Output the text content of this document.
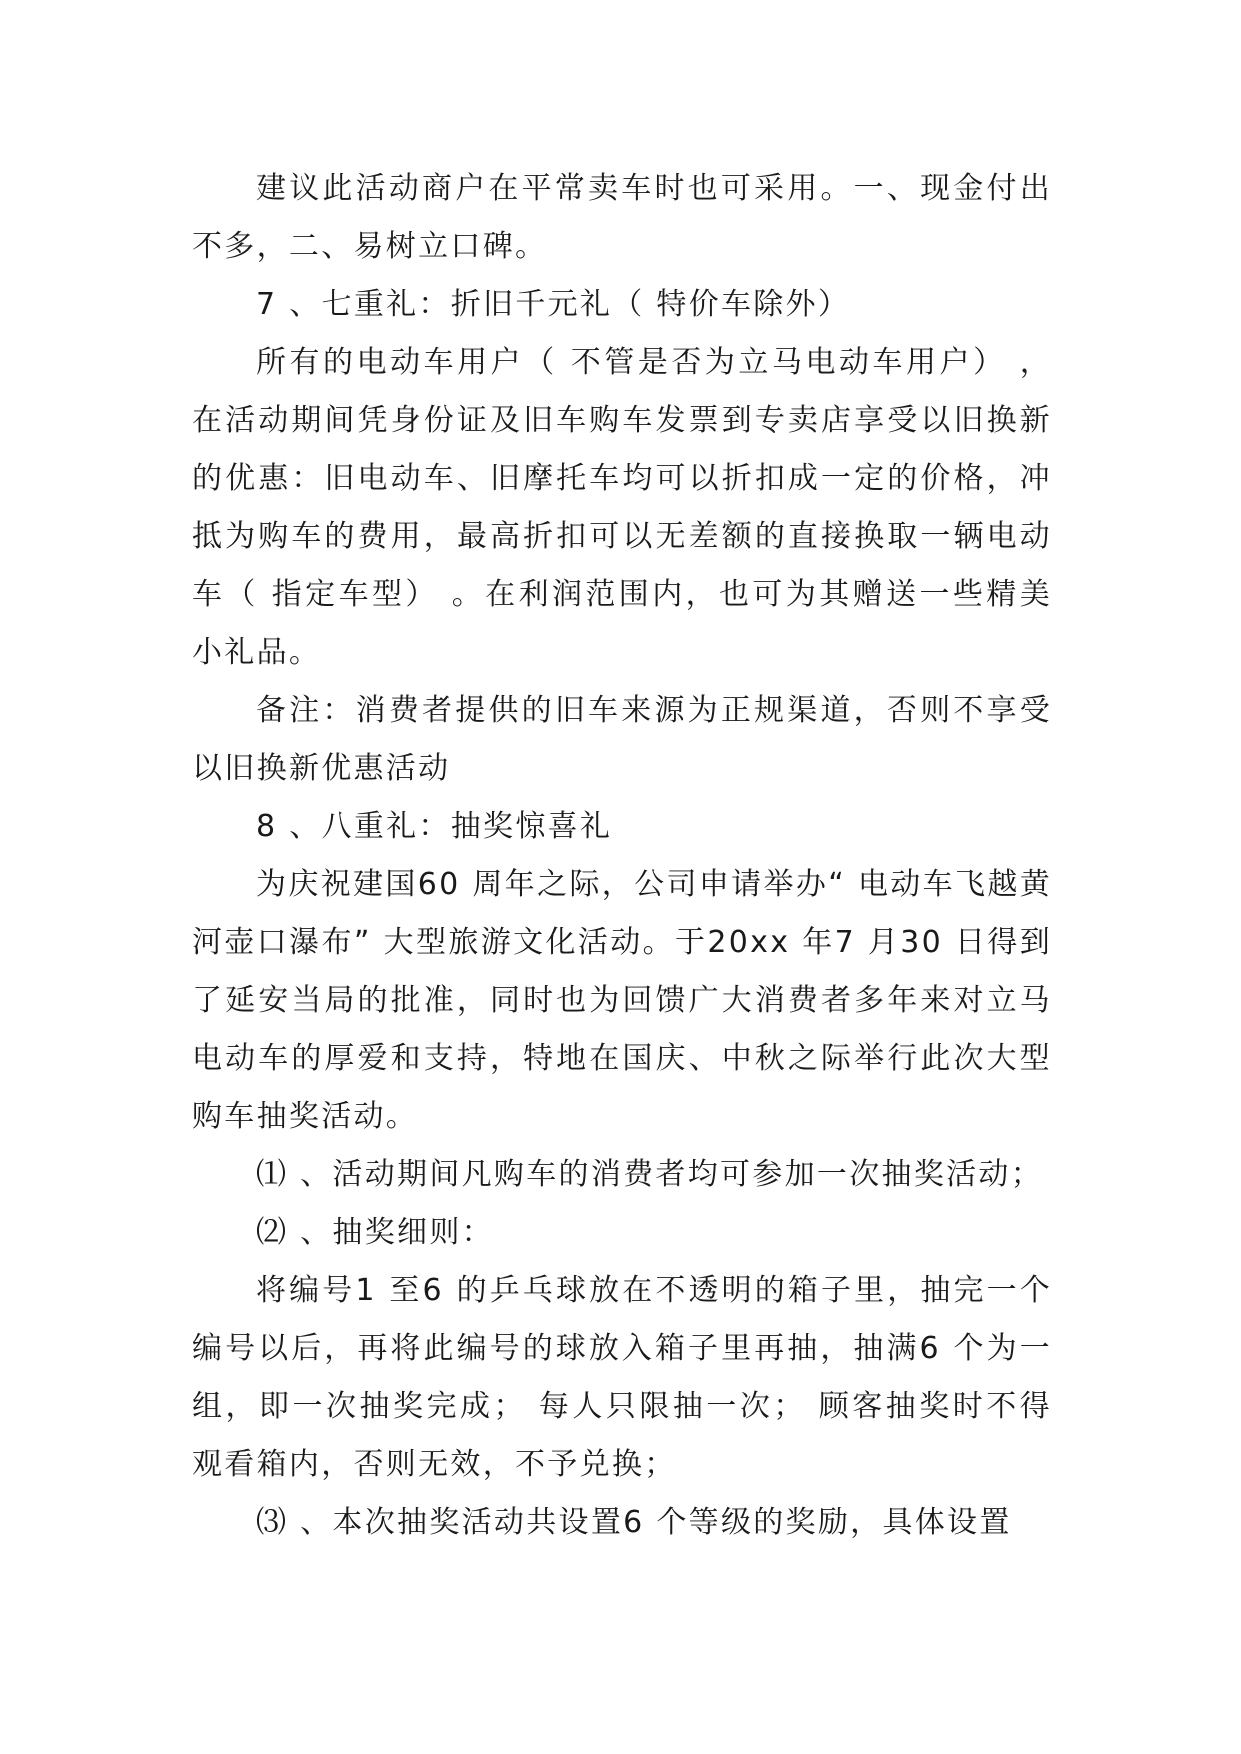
建议此活动商户在平常卖车时也可采用。一、现金付出不多，二、易树立口碑。

7 、七重礼：折旧千元礼（ 特价车除外）

所有的电动车用户（ 不管是否为立马电动车用户） ，在活动期间凭身份证及旧车购车发票到专卖店享受以旧换新的优惠：旧电动车、旧摩托车均可以折扣成一定的价格，冲抵为购车的费用，最高折扣可以无差额的直接换取一辆电动车（ 指定车型） 。在利润范围内，也可为其赠送一些精美小礼品。

备注：消费者提供的旧车来源为正规渠道，否则不享受以旧换新优惠活动

8 、八重礼：抽奖惊喜礼

为庆祝建国60 周年之际，公司申请举办“ 电动车飞越黄河壶口瀑布” 大型旅游文化活动。于20xx 年7 月30 日得到了延安当局的批准，同时也为回馈广大消费者多年来对立马电动车的厚爱和支持，特地在国庆、中秋之际举行此次大型购车抽奖活动。

⑴ 、活动期间凡购车的消费者均可参加一次抽奖活动；

⑵ 、抽奖细则：

将编号1 至6 的乒乓球放在不透明的箱子里，抽完一个编号以后，再将此编号的球放入箱子里再抽，抽满6 个为一组，即一次抽奖完成； 每人只限抽一次； 顾客抽奖时不得观看箱内，否则无效，不予兑换；

⑶ 、本次抽奖活动共设置6 个等级的奖励，具体设置
